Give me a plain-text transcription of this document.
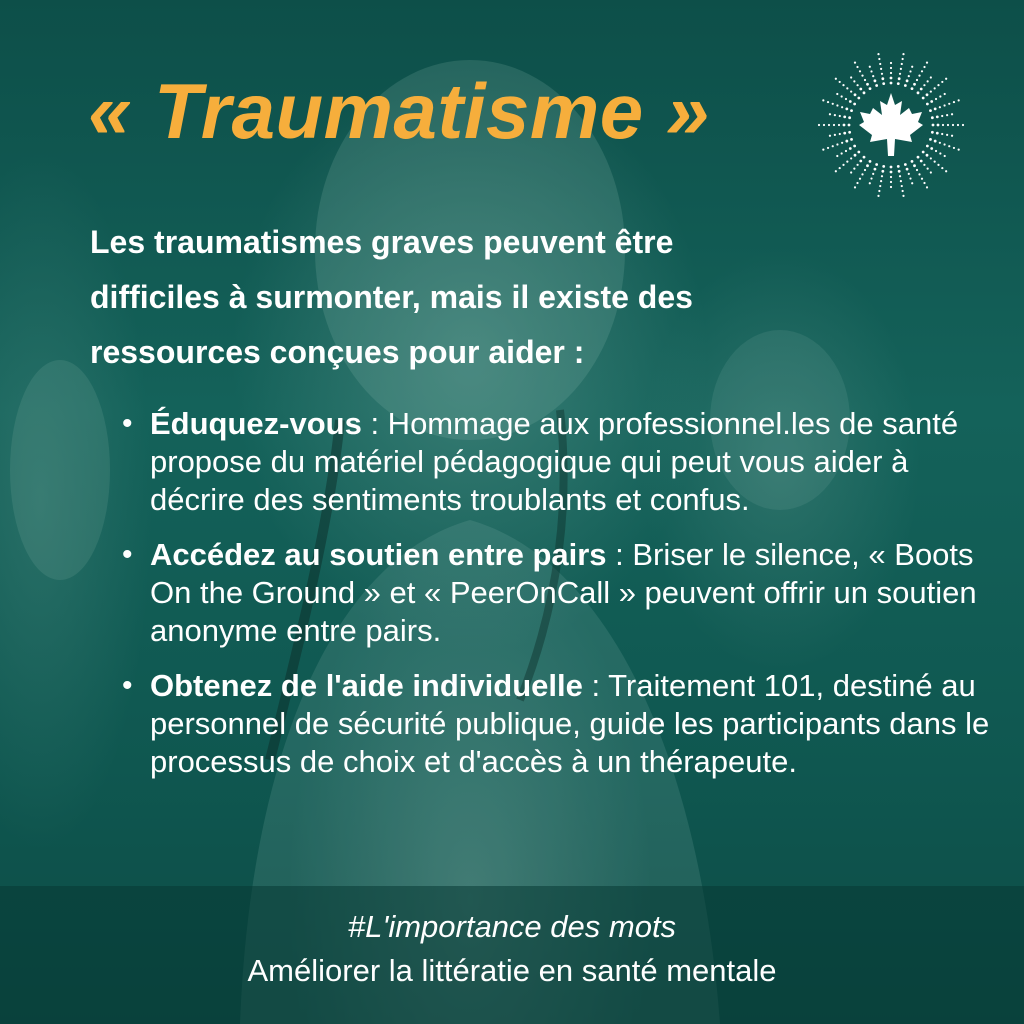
« Traumatisme »

Les traumatismes graves peuvent être difficiles à surmonter, mais il existe des ressources conçues pour aider :

• Éduquez-vous : Hommage aux professionnel.les de santé propose du matériel pédagogique qui peut vous aider à décrire des sentiments troublants et confus.
• Accédez au soutien entre pairs : Briser le silence, « Boots On the Ground » et « PeerOnCall » peuvent offrir un soutien anonyme entre pairs.
• Obtenez de l'aide individuelle : Traitement 101, destiné au personnel de sécurité publique, guide les participants dans le processus de choix et d'accès à un thérapeute.

#L'importance des mots

Améliorer la littératie en santé mentale
